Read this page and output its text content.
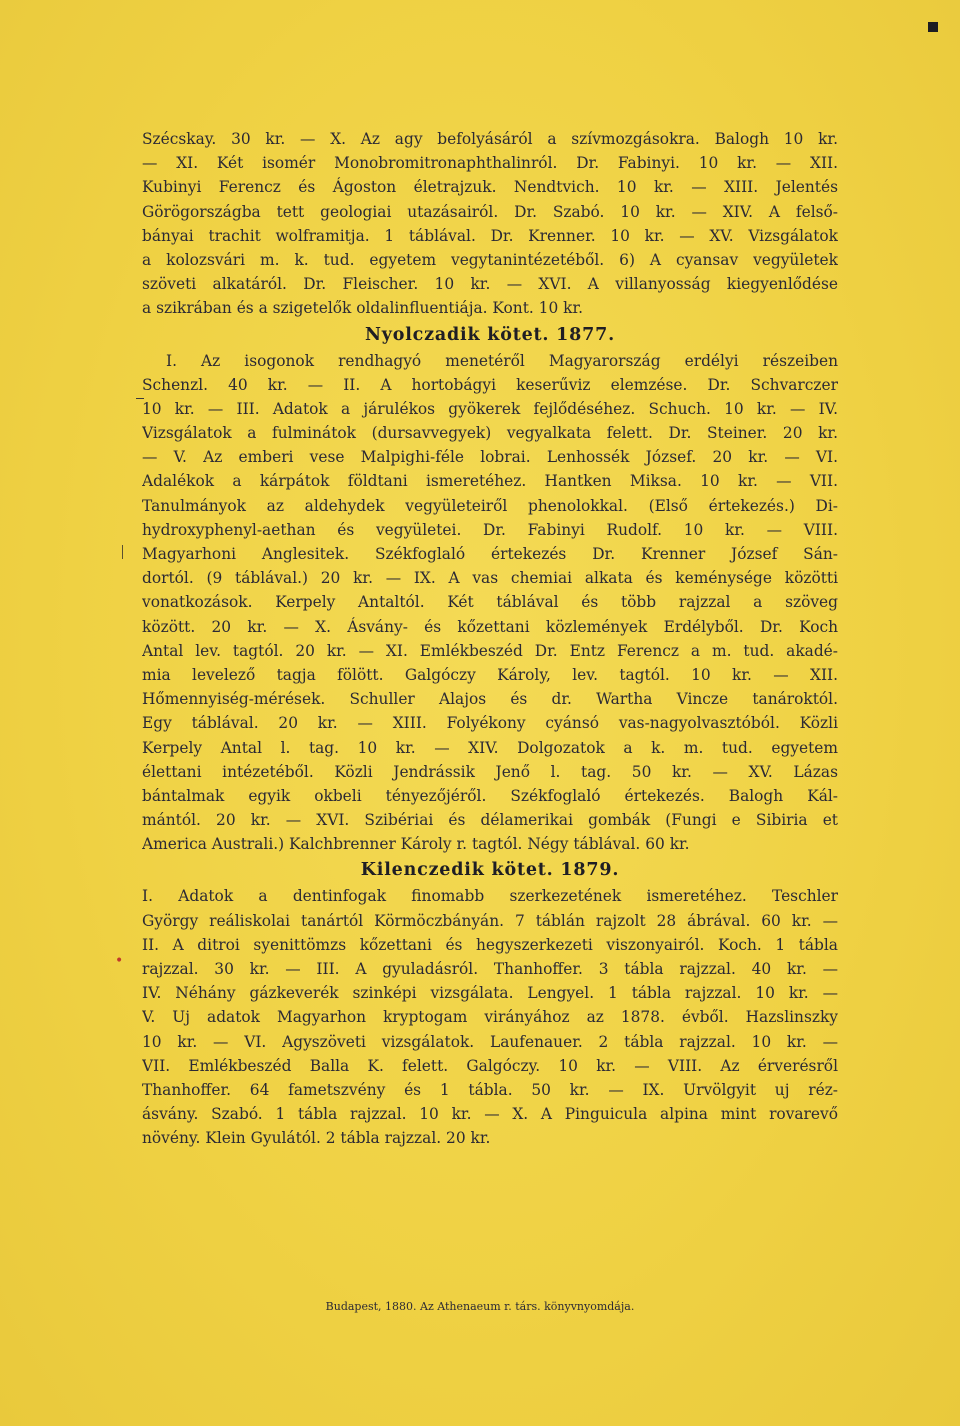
•
Szécskay. 30 kr. — X. Az agy befolyásáról a szívmozgásokra. Balogh 10 kr.
— XI. Két isomér Monobromitronaphthalinról. Dr. Fabinyi. 10 kr. — XII.
Kubinyi Ferencz és Ágoston életrajzuk. Nendtvich. 10 kr. — XIII. Jelentés
Görögországba tett geologiai utazásairól. Dr. Szabó. 10 kr. — XIV. A felső-
bányai trachit wolframitja. 1 táblával. Dr. Krenner. 10 kr. — XV. Vizsgálatok
a kolozsvári m. k. tud. egyetem vegytanintézetéből. 6) A cyansav vegyületek
szöveti alkatáról. Dr. Fleischer. 10 kr. — XVI. A villanyosság kiegyenlődése
a szikrában és a szigetelők oldalinfluentiája. Kont. 10 kr.
Nyolczadik kötet. 1877.
I. Az isogonok rendhagyó menetéről Magyarország erdélyi részeiben
Schenzl. 40 kr. — II. A hortobágyi keserűviz elemzése. Dr. Schvarczer
10 kr. — III. Adatok a járulékos gyökerek fejlődéséhez. Schuch. 10 kr. — IV.
Vizsgálatok a fulminátok (dursavvegyek) vegyalkata felett. Dr. Steiner. 20 kr.
— V. Az emberi vese Malpighi-féle lobrai. Lenhossék József. 20 kr. — VI.
Adalékok a kárpátok földtani ismeretéhez. Hantken Miksa. 10 kr. — VII.
Tanulmányok az aldehydek vegyületeiről phenolokkal. (Első értekezés.) Di-
hydroxyphenyl-aethan és vegyületei. Dr. Fabinyi Rudolf. 10 kr. — VIII.
Magyarhoni Anglesitek. Székfoglaló értekezés Dr. Krenner József Sán-
dortól. (9 táblával.) 20 kr. — IX. A vas chemiai alkata és keménysége közötti
vonatkozások. Kerpely Antaltól. Két táblával és több rajzzal a szöveg
között. 20 kr. — X. Ásvány- és kőzettani közlemények Erdélyből. Dr. Koch
Antal lev. tagtól. 20 kr. — XI. Emlékbeszéd Dr. Entz Ferencz a m. tud. akadé-
mia levelező tagja fölött. Galgóczy Károly, lev. tagtól. 10 kr. — XII.
Hőmennyiség-mérések. Schuller Alajos és dr. Wartha Vincze tanároktól.
Egy táblával. 20 kr. — XIII. Folyékony cyánsó vas-nagyolvasztóból. Közli
Kerpely Antal l. tag. 10 kr. — XIV. Dolgozatok a k. m. tud. egyetem
élettani intézetéből. Közli Jendrássik Jenő l. tag. 50 kr. — XV. Lázas
bántalmak egyik okbeli tényezőjéről. Székfoglaló értekezés. Balogh Kál-
mántól. 20 kr. — XVI. Szibériai és délamerikai gombák (Fungi e Sibiria et
America Australi.) Kalchbrenner Károly r. tagtól. Négy táblával. 60 kr.
Kilenczedik kötet. 1879.
I. Adatok a dentinfogak finomabb szerkezetének ismeretéhez. Teschler
György reáliskolai tanártól Körmöczbányán. 7 táblán rajzolt 28 ábrával. 60 kr. —
II. A ditroi syenittömzs kőzettani és hegyszerkezeti viszonyairól. Koch. 1 tábla
rajzzal. 30 kr. — III. A gyuladásról. Thanhoffer. 3 tábla rajzzal. 40 kr. —
IV. Néhány gázkeverék szinképi vizsgálata. Lengyel. 1 tábla rajzzal. 10 kr. —
V. Uj adatok Magyarhon kryptogam virányához az 1878. évből. Hazslinszky
10 kr. — VI. Agyszöveti vizsgálatok. Laufenauer. 2 tábla rajzzal. 10 kr. —
VII. Emlékbeszéd Balla K. felett. Galgóczy. 10 kr. — VIII. Az érverésről
Thanhoffer. 64 fametszvény és 1 tábla. 50 kr. — IX. Urvölgyit uj réz-
ásvány. Szabó. 1 tábla rajzzal. 10 kr. — X. A Pinguicula alpina mint rovarevő
növény. Klein Gyulától. 2 tábla rajzzal. 20 kr.
Budapest, 1880. Az Athenaeum r. társ. könyvnyomdája.
